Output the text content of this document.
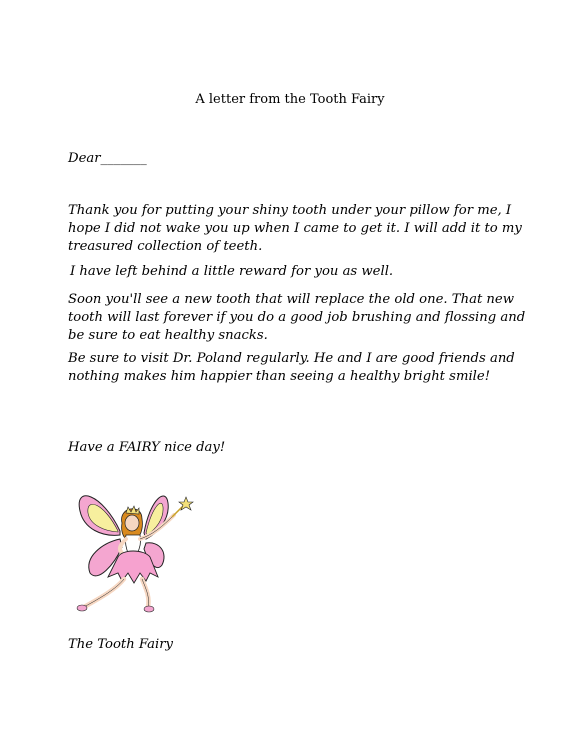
A letter from the Tooth Fairy
Dear_______
Thank you for putting your shiny tooth under your pillow for me, I hope I did not wake you up when I came to get it. I will add it to my treasured collection of teeth.
I have left behind a little reward for you as well.
Soon you'll see a new tooth that will replace the old one. That new tooth will last forever if you do a good job brushing and flossing and be sure to eat healthy snacks.
Be sure to visit Dr. Poland regularly. He and I are good friends and nothing makes him happier than seeing a healthy bright smile!
Have a FAIRY nice day!
The Tooth Fairy
